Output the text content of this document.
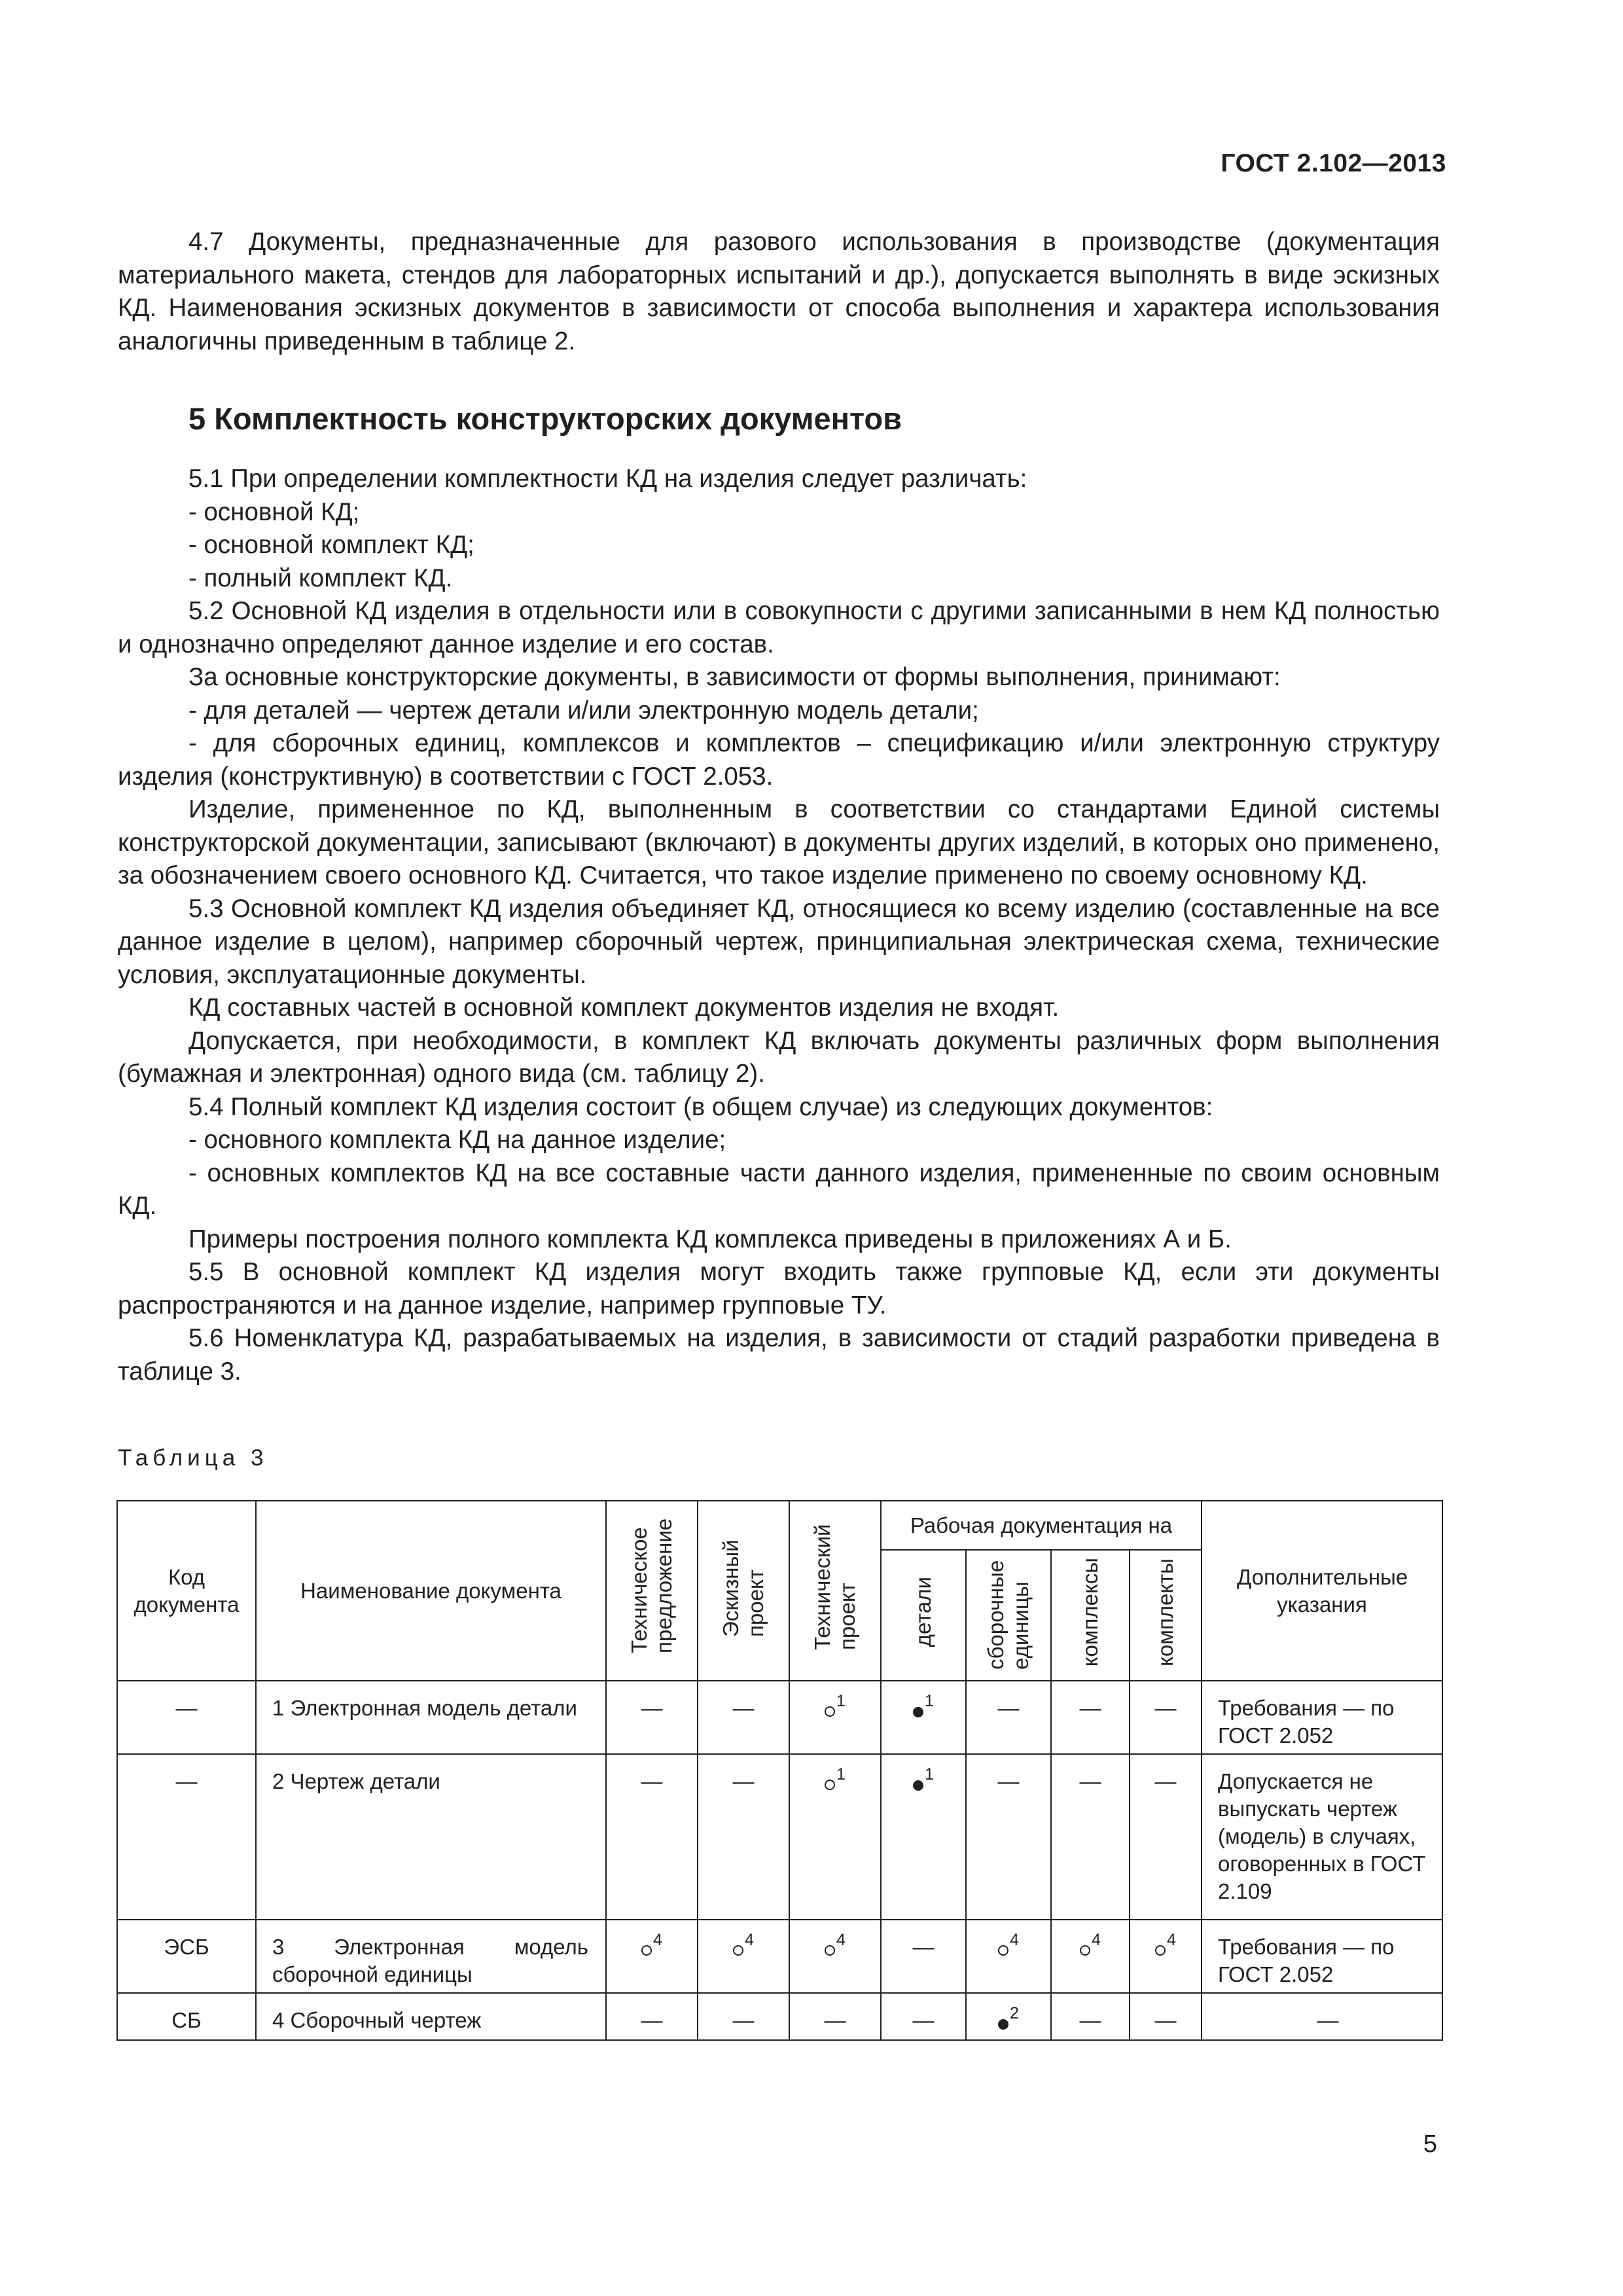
ГОСТ 2.102—2013

4.7 Документы, предназначенные для разового использования в производстве (документация материального макета, стендов для лабораторных испытаний и др.), допускается выполнять в виде эскизных КД. Наименования эскизных документов в зависимости от способа выполнения и характера использования аналогичны приведенным в таблице 2.

5 Комплектность конструкторских документов

5.1 При определении комплектности КД на изделия следует различать:

- основной КД;

- основной комплект КД;

- полный комплект КД.

5.2 Основной КД изделия в отдельности или в совокупности с другими записанными в нем КД полностью и однозначно определяют данное изделие и его состав.

За основные конструкторские документы, в зависимости от формы выполнения, принимают:

- для деталей — чертеж детали и/или электронную модель детали;

- для сборочных единиц, комплексов и комплектов – спецификацию и/или электронную структуру изделия (конструктивную) в соответствии с ГОСТ 2.053.

Изделие, примененное по КД, выполненным в соответствии со стандартами Единой системы конструкторской документации, записывают (включают) в документы других изделий, в которых оно применено, за обозначением своего основного КД. Считается, что такое изделие применено по своему основному КД.

5.3 Основной комплект КД изделия объединяет КД, относящиеся ко всему изделию (составленные на все данное изделие в целом), например сборочный чертеж, принципиальная электрическая схема, технические условия, эксплуатационные документы.

КД составных частей в основной комплект документов изделия не входят.

Допускается, при необходимости, в комплект КД включать документы различных форм выполнения (бумажная и электронная) одного вида (см. таблицу 2).

5.4 Полный комплект КД изделия состоит (в общем случае) из следующих документов:

- основного комплекта КД на данное изделие;

- основных комплектов КД на все составные части данного изделия, примененные по своим основным КД.

Примеры построения полного комплекта КД комплекса приведены в приложениях А и Б.

5.5 В основной комплект КД изделия могут входить также групповые КД, если эти документы распространяются и на данное изделие, например групповые ТУ.

5.6 Номенклатура КД, разрабатываемых на изделия, в зависимости от стадий разработки приведена в таблице 3.

Таблица 3
Код документа	Наименование документа	Техническое предложение	Эскизный проект	Технический проект	Рабочая документация на				Дополнительные указания
					детали	сборочные единицы	комплексы	комплекты	
—	1 Электронная модель детали	—	—	$^1$	$^1$	—	—	—	Требования — по ГОСТ 2.052
—	2 Чертеж детали	—	—	$^1$	$^1$	—	—	—	Допускается не выпускать чертеж (модель) в случаях, оговоренных в ГОСТ 2.109
ЭСБ	3 Электронная модель сборочной единицы	$^4$	$^4$	$^4$	—	$^4$	$^4$	$^4$	Требования — по ГОСТ 2.052
СБ	4 Сборочный чертеж	—	—	—	—	$^2$	—	—	—
5
